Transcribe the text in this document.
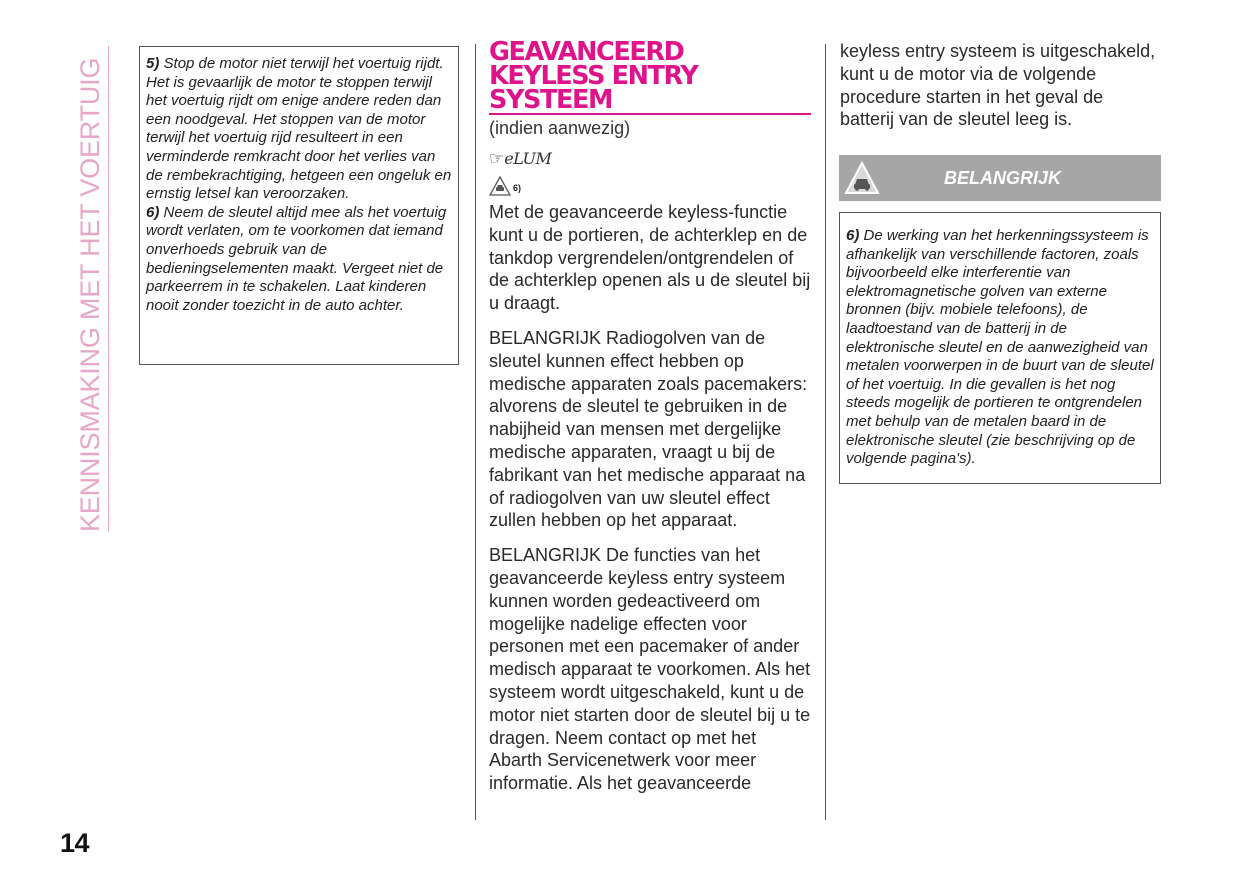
KENNISMAKING MET HET VOERTUIG	5) Stop de motor niet terwijl het voertuig rijdt. Het is gevaarlijk de motor te stoppen terwijl het voertuig rijdt om enige andere reden dan een noodgeval. Het stoppen van de motor terwijl het voertuig rijd resulteert in een verminderde remkracht door het verlies van de rembekrachtiging, hetgeen een ongeluk en ernstig letsel kan veroorzaken.

6) Neem de sleutel altijd mee als het voertuig wordt verlaten, om te voorkomen dat iemand onverhoeds gebruik van de bedieningselementen maakt. Vergeet niet de parkeerrem in te schakelen. Laat kinderen nooit zonder toezicht in de auto achter.

GEAVANCEERD
KEYLESS ENTRY
SYSTEEM
(indien aanwezig)
☞eLUM
6)

Met de geavanceerde keyless-functie kunt u de portieren, de achterklep en de tankdop vergrendelen/ontgrendelen of de achterklep openen als u de sleutel bij u draagt.

BELANGRIJK Radiogolven van de sleutel kunnen effect hebben op medische apparaten zoals pacemakers: alvorens de sleutel te gebruiken in de nabijheid van mensen met dergelijke medische apparaten, vraagt u bij de fabrikant van het medische apparaat na of radiogolven van uw sleutel effect zullen hebben op het apparaat.

BELANGRIJK De functies van het geavanceerde keyless entry systeem kunnen worden gedeactiveerd om mogelijke nadelige effecten voor personen met een pacemaker of ander medisch apparaat te voorkomen. Als het systeem wordt uitgeschakeld, kunt u de motor niet starten door de sleutel bij u te dragen. Neem contact op met het Abarth Servicenetwerk voor meer informatie. Als het geavanceerde

keyless entry systeem is uitgeschakeld, kunt u de motor via de volgende procedure starten in het geval de batterij van de sleutel leeg is.

BELANGRIJK

6) De werking van het herkenningssysteem is afhankelijk van verschillende factoren, zoals bijvoorbeeld elke interferentie van elektromagnetische golven van externe bronnen (bijv. mobiele telefoons), de laadtoestand van de batterij in de elektronische sleutel en de aanwezigheid van metalen voorwerpen in de buurt van de sleutel of het voertuig. In die gevallen is het nog steeds mogelijk de portieren te ontgrendelen met behulp van de metalen baard in de elektronische sleutel (zie beschrijving op de volgende pagina's).

14
